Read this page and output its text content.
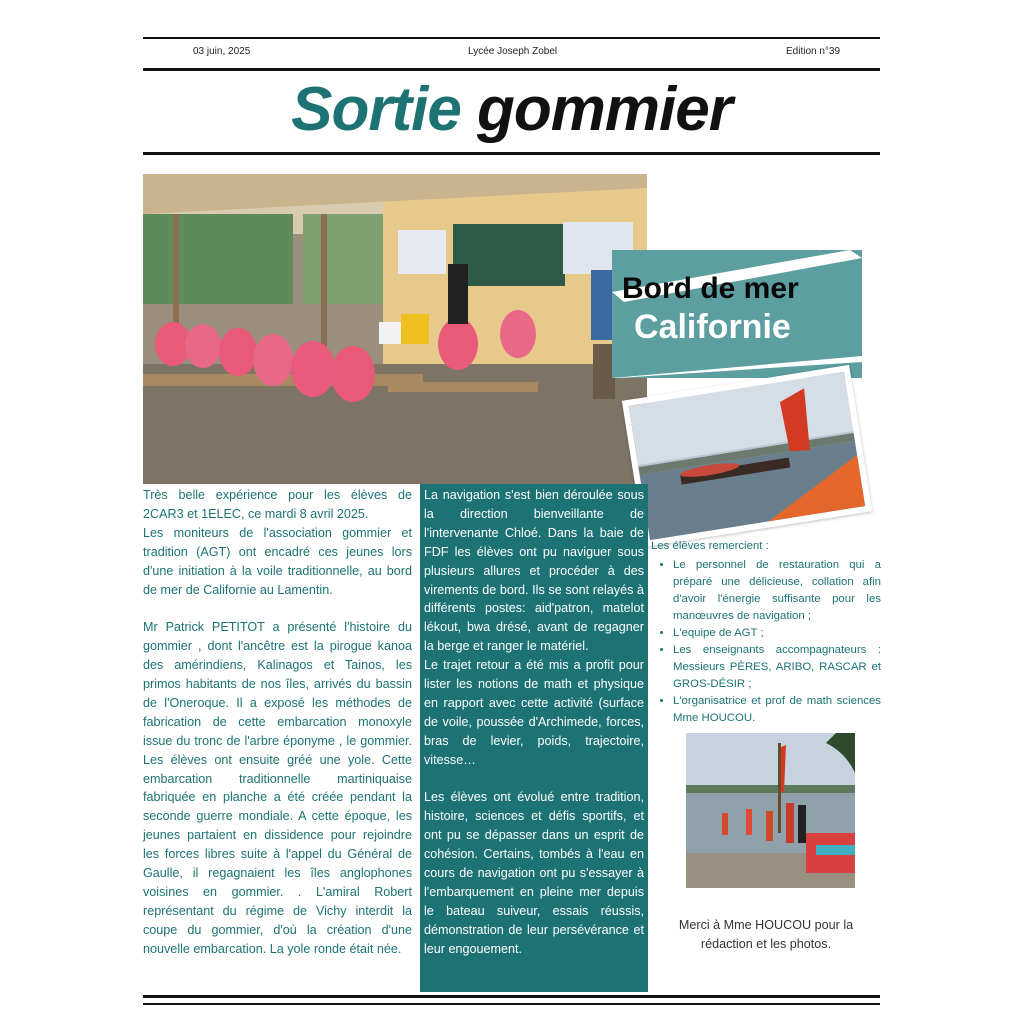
03 juin, 2025	Lycée Joseph Zobel	Edition n°39
Sortie gommier
Bord de mer
Californie

Très belle expérience pour les élèves de 2CAR3 et 1ELEC, ce mardi 8 avril 2025.

Les moniteurs de l'association gommier et tradition (AGT) ont encadré ces jeunes lors d'une initiation à la voile traditionnelle, au bord de mer de Californie au Lamentin.

Mr Patrick PETITOT a présenté l'histoire du gommier , dont l'ancêtre est la pirogue kanoa des amérindiens, Kalinagos et Tainos, les primos habitants de nos îles, arrivés du bassin de l'Oneroque. Il a exposé les méthodes de fabrication de cette embarcation monoxyle issue du tronc de l'arbre éponyme , le gommier. Les élèves ont ensuite gréé une yole. Cette embarcation traditionnelle martiniquaise fabriquée en planche a été créée pendant la seconde guerre mondiale. A cette époque, les jeunes partaient en dissidence pour rejoindre les forces libres suite à l'appel du Général de Gaulle, il regagnaient les îles anglophones voisines en gommier. . L'amiral Robert représentant du régime de Vichy interdit la coupe du gommier, d'où la création d'une nouvelle embarcation. La yole ronde était née.

La navigation s'est bien déroulée sous la direction bienveillante de l'intervenante Chloé. Dans la baie de FDF les élèves ont pu naviguer sous plusieurs allures et procéder à des virements de bord. Ils se sont relayés à différents postes: aid'patron, matelot lékout, bwa drésé, avant de regagner la berge et ranger le matériel.

Le trajet retour a été mis a profit pour lister les notions de math et physique en rapport avec cette activité (surface de voile, poussée d'Archimede, forces, bras de levier, poids, trajectoire, vitesse…

Les élèves ont évolué entre tradition, histoire, sciences et défis sportifs, et ont pu se dépasser dans un esprit de cohésion. Certains, tombés à l'eau en cours de navigation ont pu s'essayer à l'embarquement en pleine mer depuis le bateau suiveur, essais réussis, démonstration de leur persévérance et leur engouement.

Les élèves remercient :
• Le personnel de restauration qui a préparé une délicieuse, collation afin d'avoir l'énergie suffisante pour les manœuvres de navigation ;
• L'equipe de AGT ;
• Les enseignants accompagnateurs : Messieurs PÈRES, ARIBO, RASCAR et GROS-DÉSIR ;
• L'organisatrice et prof de math sciences Mme HOUCOU.
Merci à Mme HOUCOU pour la rédaction et les photos.
